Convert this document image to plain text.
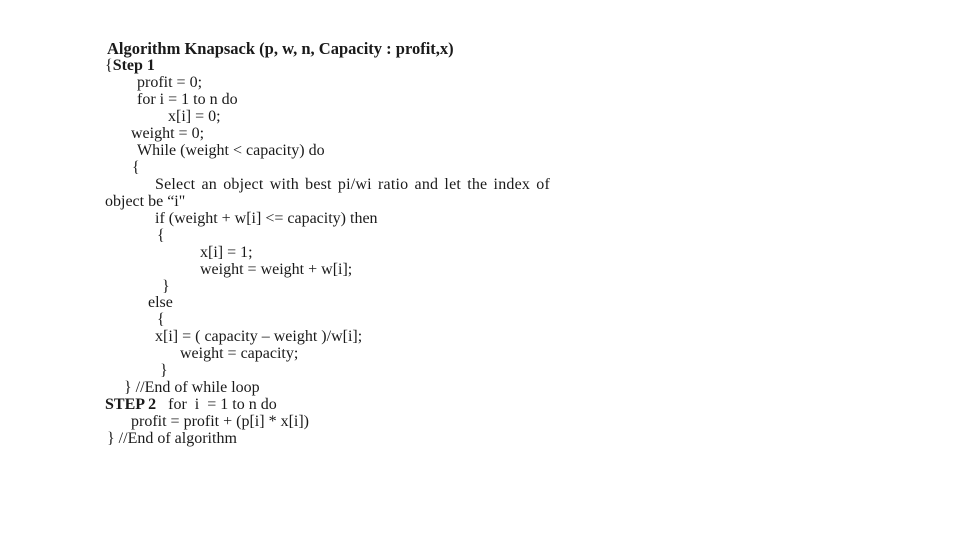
Algorithm Knapsack (p, w, n, Capacity : profit,x)
{Step 1
profit = 0;
for i = 1 to n do
x[i] = 0;
weight = 0;
While (weight < capacity) do
{
Select an object with best pi/wi ratio and let the index of
object be “i"
if (weight + w[i] <= capacity) then
{
x[i] = 1;
weight = weight + w[i];
}
else
{
x[i] = ( capacity – weight )/w[i];
weight = capacity;
}
} //End of while loop
STEP 2 for  i  = 1 to n do
profit = profit + (p[i] * x[i])
} //End of algorithm
